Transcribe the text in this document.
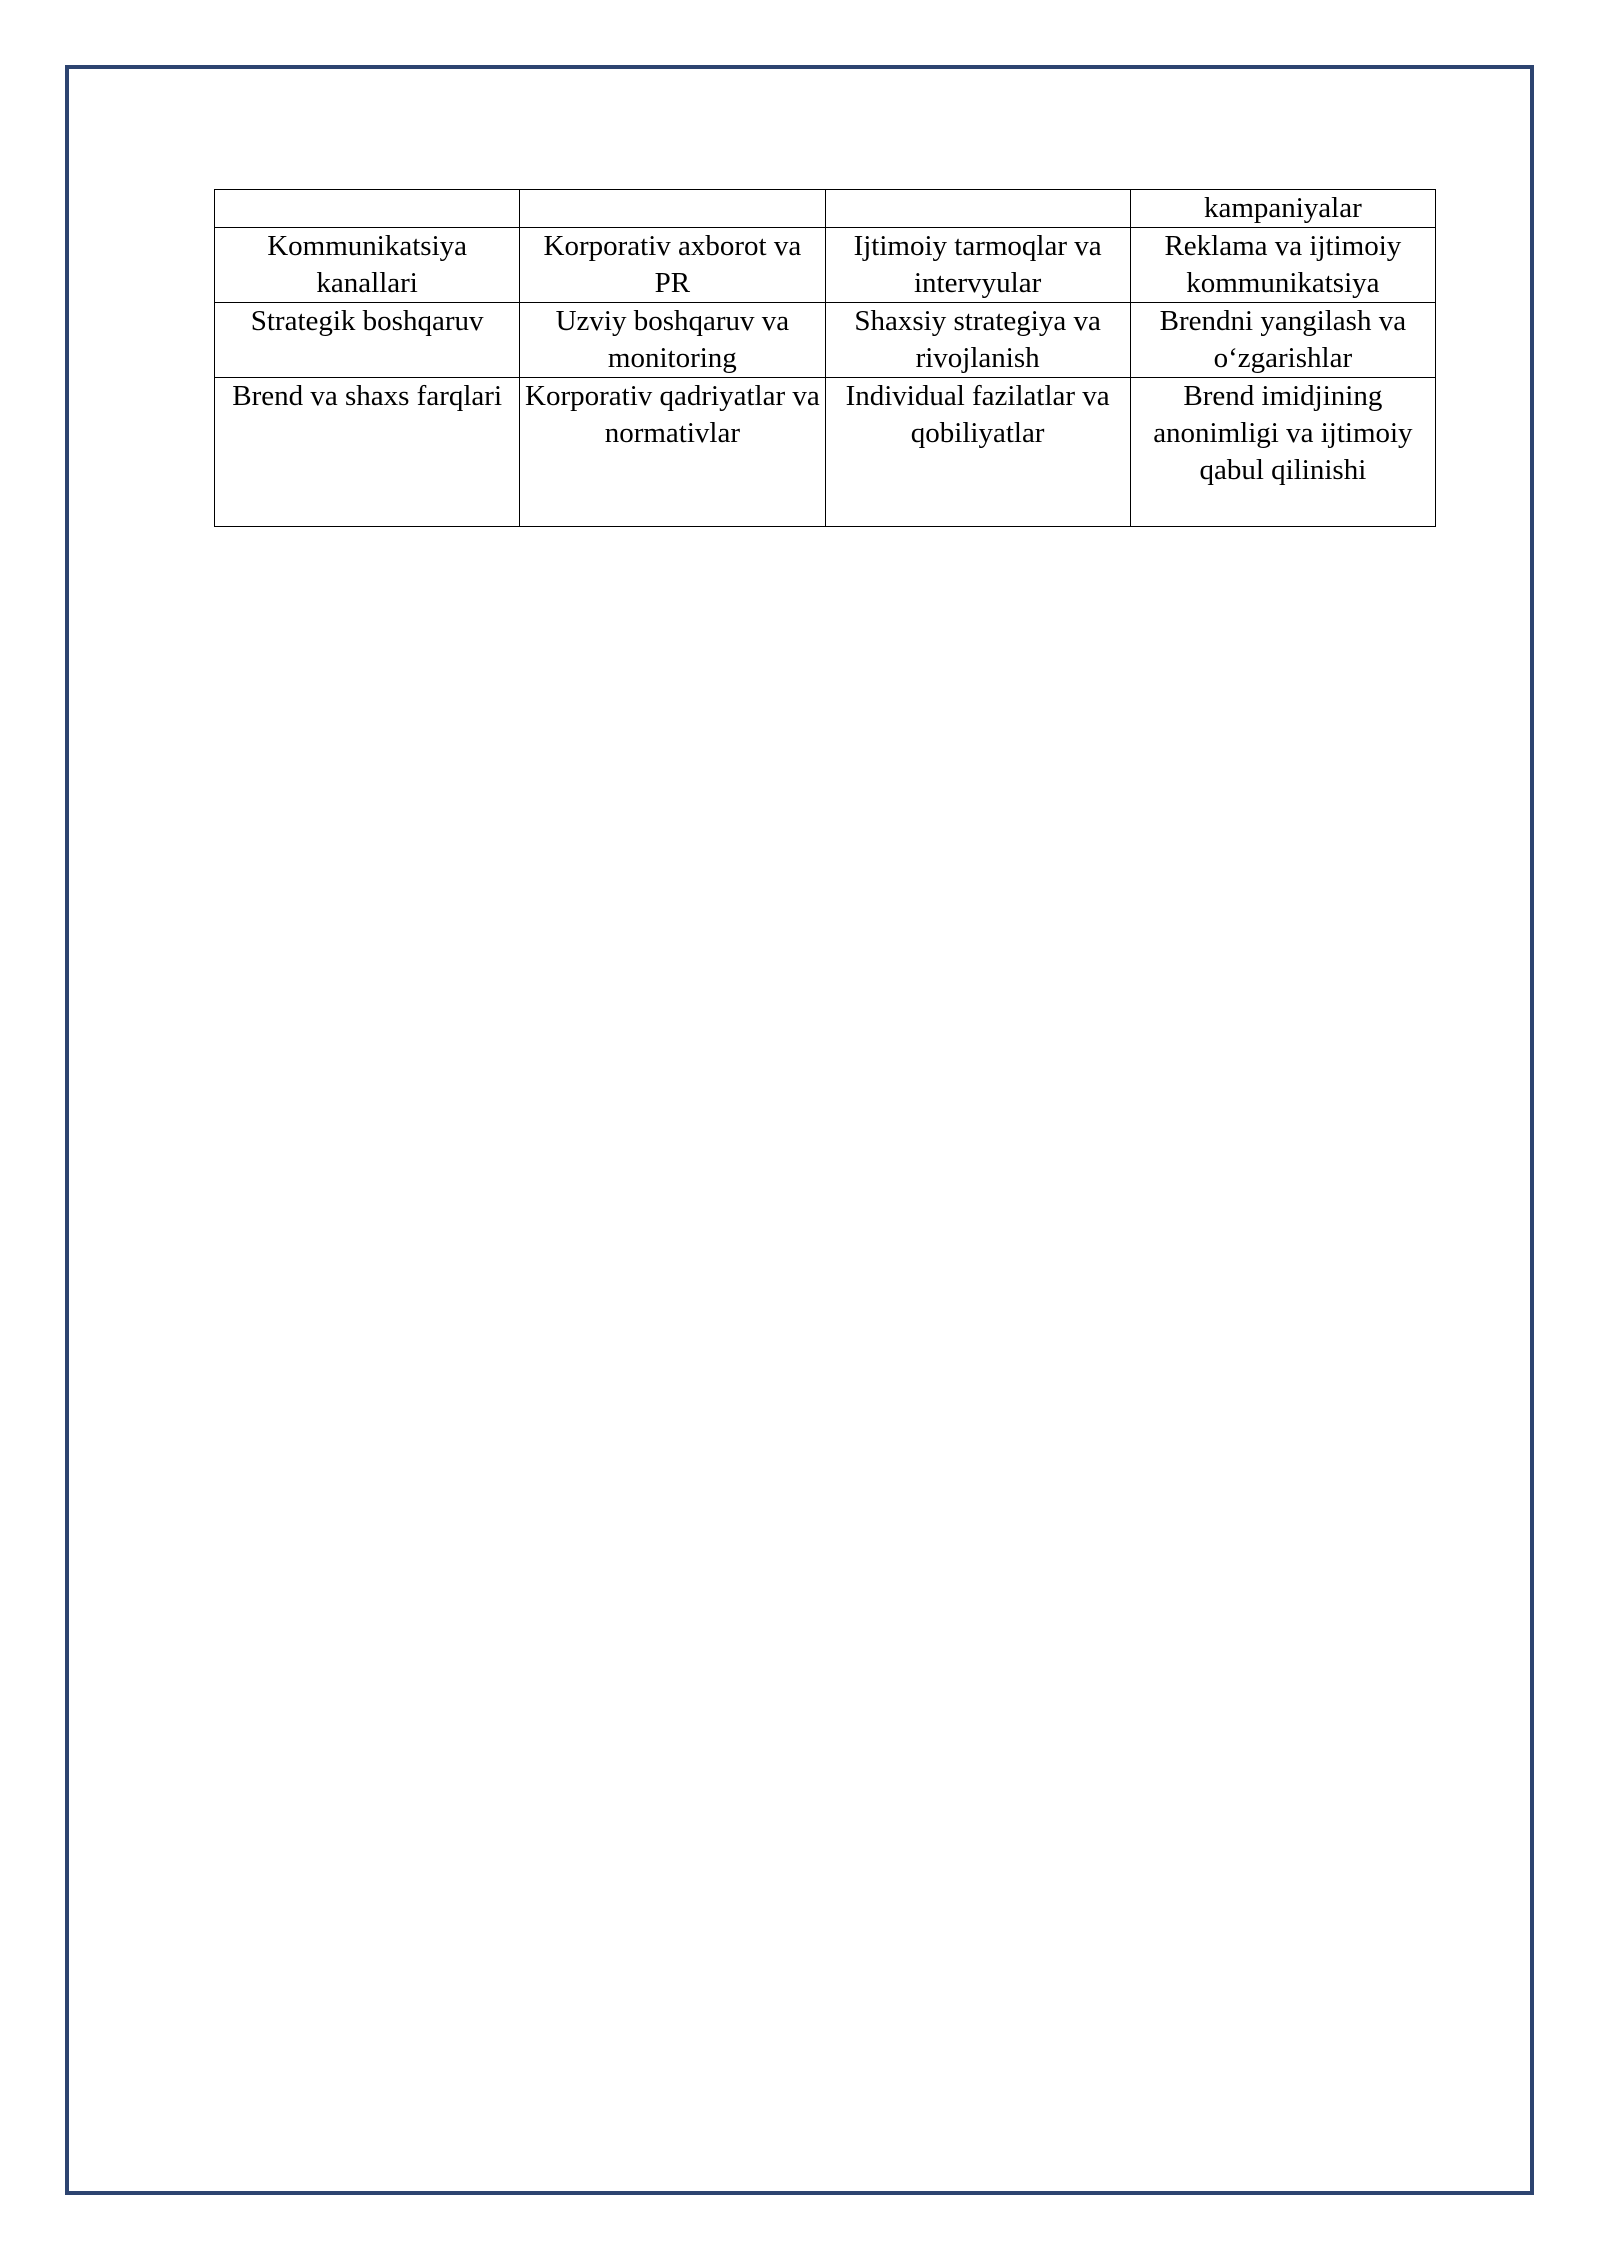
			kampaniyalar
Kommunikatsiya kanallari	Korporativ axborot va PR	Ijtimoiy tarmoqlar va intervyular	Reklama va ijtimoiy kommunikatsiya
Strategik boshqaruv	Uzviy boshqaruv va monitoring	Shaxsiy strategiya va rivojlanish	Brendni yangilash va o‘zgarishlar
Brend va shaxs farqlari	Korporativ qadriyatlar va normativlar	Individual fazilatlar va qobiliyatlar	Brend imidjining anonimligi va ijtimoiy qabul qilinishi
